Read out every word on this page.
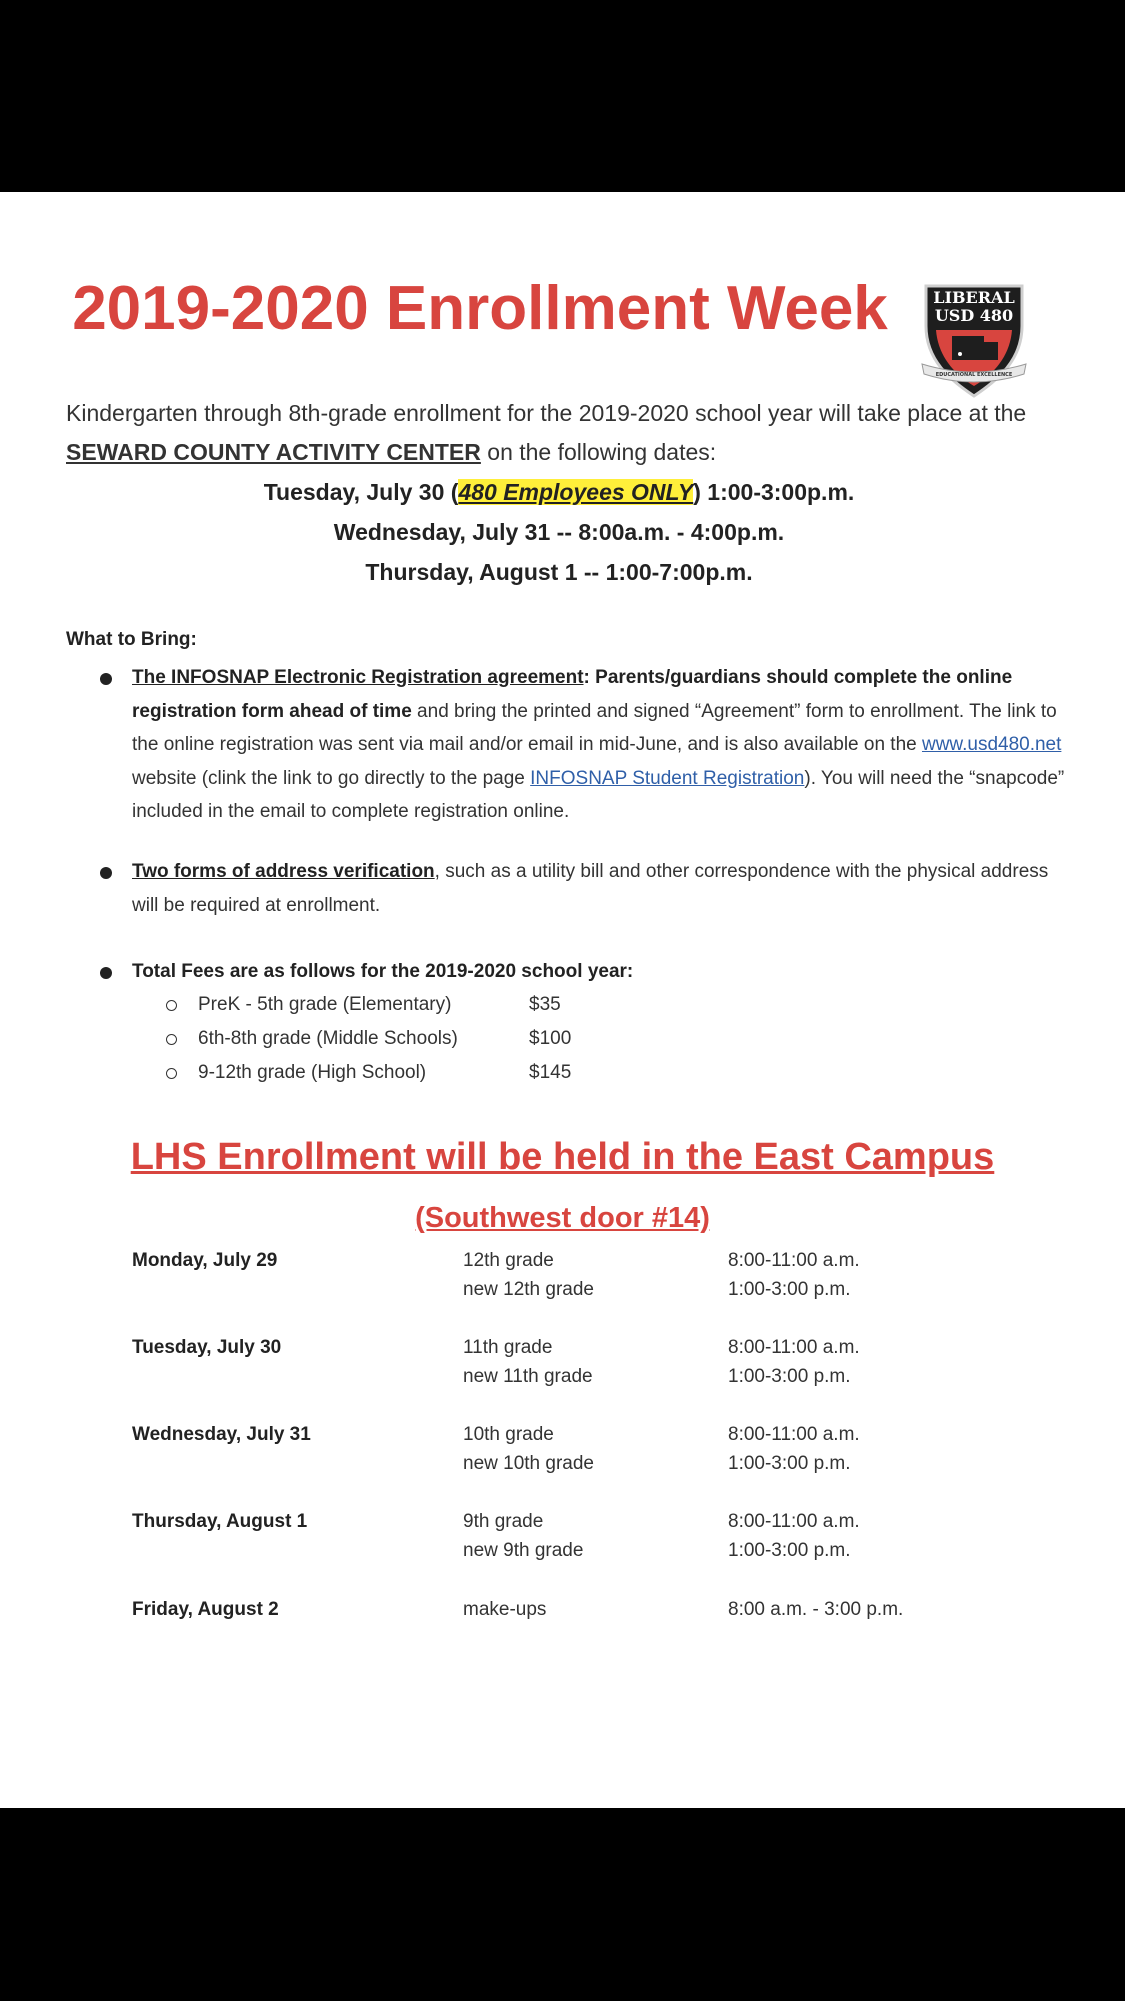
2019-2020 Enrollment Week	LIBERAL
USD 480
EDUCATIONAL EXCELLENCE

Kindergarten through 8th-grade enrollment for the 2019-2020 school year will take place at the SEWARD COUNTY ACTIVITY CENTER on the following dates:

Tuesday, July 30 (480 Employees ONLY) 1:00-3:00p.m.
Wednesday, July 31 -- 8:00a.m. - 4:00p.m.
Thursday, August 1 -- 1:00-7:00p.m.
What to Bring:

The INFOSNAP Electronic Registration agreement: Parents/guardians should complete the online registration form ahead of time and bring the printed and signed “Agreement” form to enrollment. The link to the online registration was sent via mail and/or email in mid-June, and is also available on the www.usd480.net website (clink the link to go directly to the page INFOSNAP Student Registration). You will need the “snapcode” included in the email to complete registration online.

Two forms of address verification, such as a utility bill and other correspondence with the physical address will be required at enrollment.

Total Fees are as follows for the 2019-2020 school year:

PreK - 5th grade (Elementary)	$35
6th-8th grade (Middle Schools)	$100
9-12th grade (High School)	$145
LHS Enrollment will be held in the East Campus
(Southwest door #14)
Monday, July 29	12th grade	8:00-11:00 a.m.
new 12th grade	1:00-3:00 p.m.
Tuesday, July 30	11th grade	8:00-11:00 a.m.
new 11th grade	1:00-3:00 p.m.
Wednesday, July 31	10th grade	8:00-11:00 a.m.
new 10th grade	1:00-3:00 p.m.
Thursday, August 1	9th grade	8:00-11:00 a.m.
new 9th grade	1:00-3:00 p.m.
Friday, August 2	make-ups	8:00 a.m. - 3:00 p.m.
